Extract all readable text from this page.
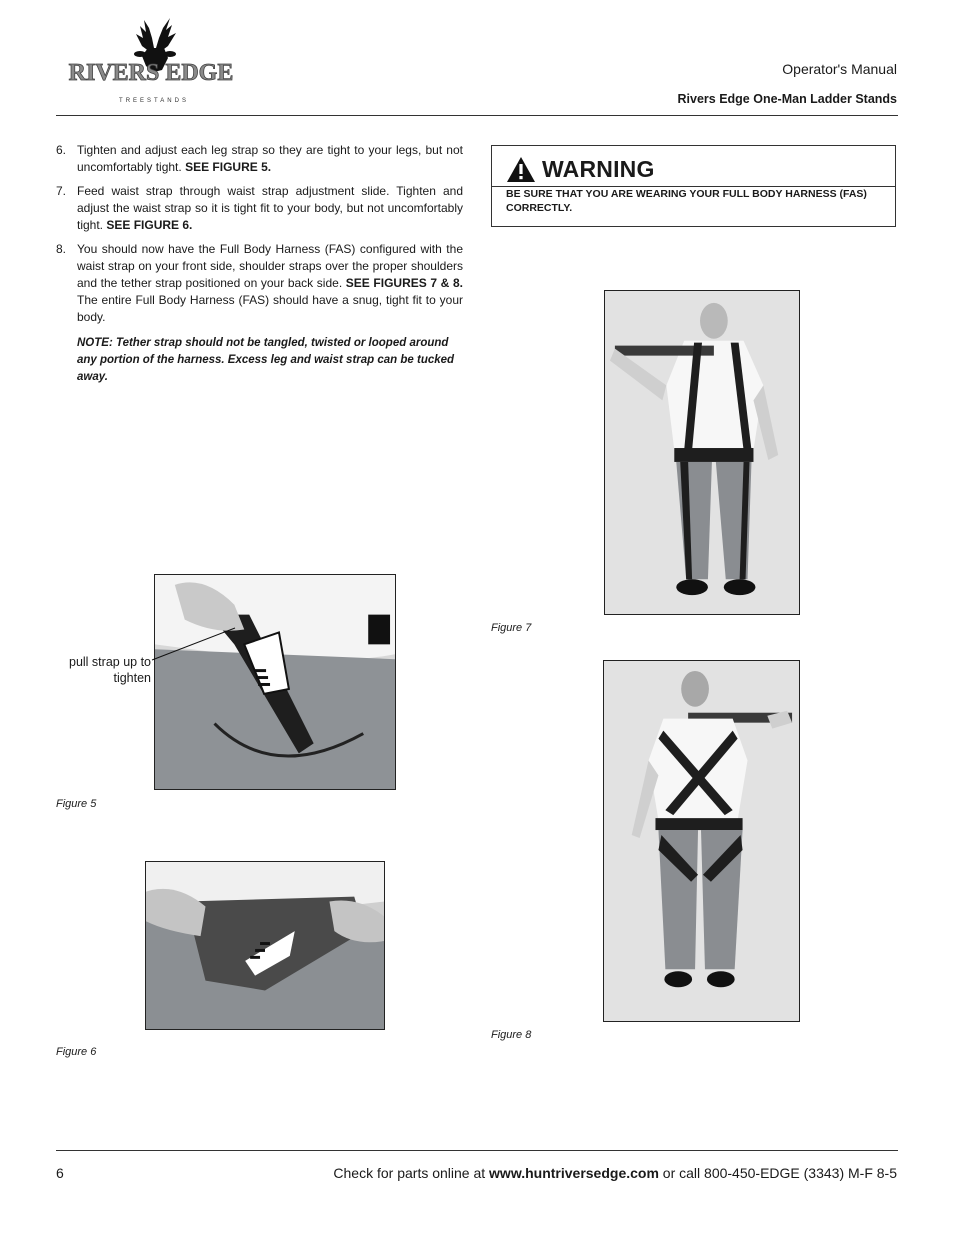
RIVERS EDGE
TREESTANDS
Operator's Manual
Rivers Edge One-Man Ladder Stands
6. Tighten and adjust each leg strap so they are tight to your legs, but not uncomfortably tight. SEE FIGURE 5.
7. Feed waist strap through waist strap adjustment slide. Tighten and adjust the waist strap so it is tight fit to your body, but not uncomfortably tight. SEE FIGURE 6.
8. You should now have the Full Body Harness (FAS) configured with the waist strap on your front side, shoulder straps over the proper shoulders and the tether strap positioned on your back side. SEE FIGURES 7 & 8. The entire Full Body Harness (FAS) should have a snug, tight fit to your body.
NOTE: Tether strap should not be tangled, twisted or looped around any portion of the harness. Excess leg and waist strap can be tucked away.
WARNING
BE SURE THAT YOU ARE WEARING YOUR FULL BODY HARNESS (FAS) CORRECTLY.
pull strap up to tighten
Figure 5
Figure 6
Figure 7
Figure 8
6	Check for parts online at www.huntriversedge.com or call 800-450-EDGE (3343) M-F 8-5
